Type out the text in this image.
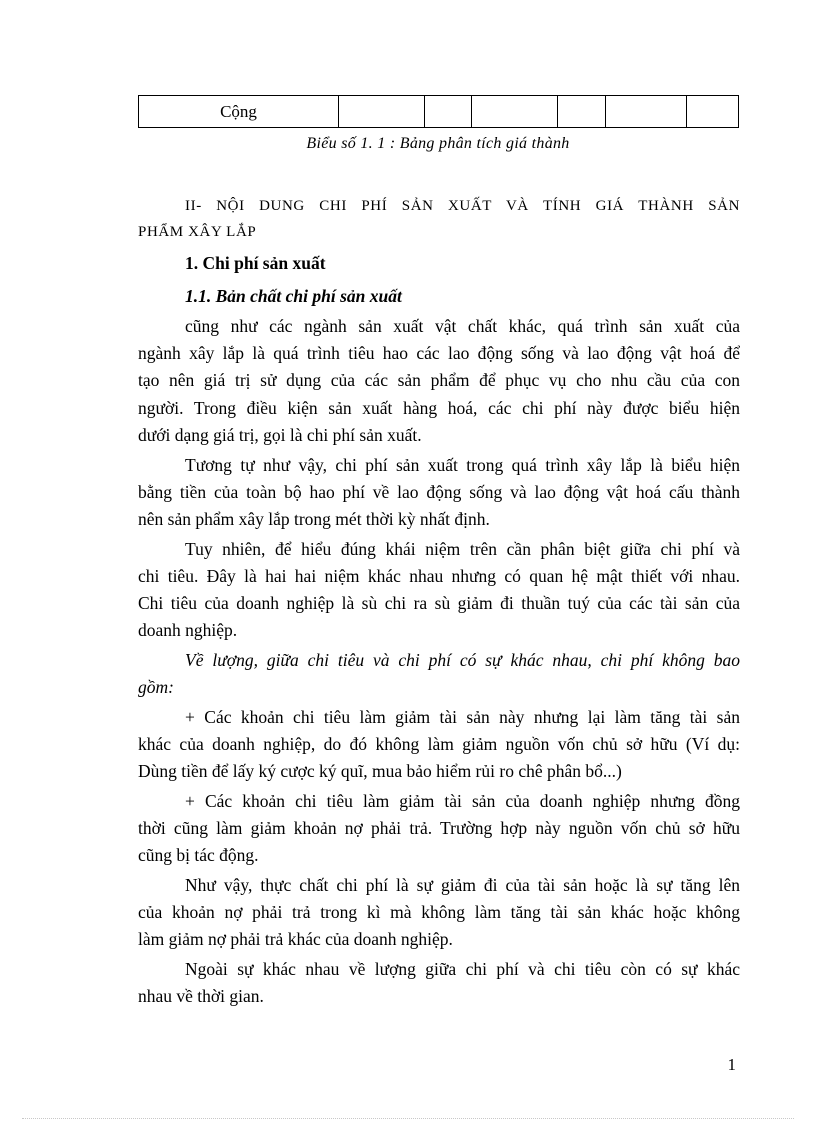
Cộng						
Biểu số 1. 1 : Bảng phân tích giá thành
II- NỘI DUNG CHI PHÍ SẢN XUẤT VÀ TÍNH GIÁ THÀNH SẢN
PHẨM XÂY LẮP
1. Chi phí sản xuất
1.1. Bản chất chi phí sản xuất
cũng như các ngành sản xuất vật chất khác, quá trình sản xuất của
ngành xây lắp là quá trình tiêu hao các lao động sống và lao động vật hoá để
tạo nên giá trị sử dụng của các sản phẩm để phục vụ cho nhu cầu của con
người. Trong điều kiện sản xuất hàng hoá, các chi phí này được biểu hiện
dưới dạng giá trị, gọi là chi phí sản xuất.
Tương tự như vậy, chi phí sản xuất trong quá trình xây lắp là biểu hiện
bằng tiền của toàn bộ hao phí về lao động sống và lao động vật hoá cấu thành
nên sản phẩm xây lắp trong mét thời kỳ nhất định.
Tuy nhiên, để hiểu đúng khái niệm trên cần phân biệt giữa chi phí và
chi tiêu. Đây là hai hai niệm khác nhau nhưng có quan hệ mật thiết với nhau.
Chi tiêu của doanh nghiệp là sù chi ra sù giảm đi thuần tuý của các tài sản của
doanh nghiệp.
Về lượng, giữa chi tiêu và chi phí có sự khác nhau, chi phí không bao
gồm:
+ Các khoản chi tiêu làm giảm tài sản này nhưng lại làm tăng tài sản
khác của doanh nghiệp, do đó không làm giảm nguồn vốn chủ sở hữu (Ví dụ:
Dùng tiền để lấy ký cược ký quĩ, mua bảo hiểm rủi ro chê phân bổ...)
+ Các khoản chi tiêu làm giảm tài sản của doanh nghiệp nhưng đồng
thời cũng làm giảm khoản nợ phải trả. Trường hợp này nguồn vốn chủ sở hữu
cũng bị tác động.
Như vậy, thực chất chi phí là sự giảm đi của tài sản hoặc là sự tăng lên
của khoản nợ phải trả trong kì mà không làm tăng tài sản khác hoặc không
làm giảm nợ phải trả khác của doanh nghiệp.
Ngoài sự khác nhau về lượng giữa chi phí và chi tiêu còn có sự khác
nhau về thời gian.
1
